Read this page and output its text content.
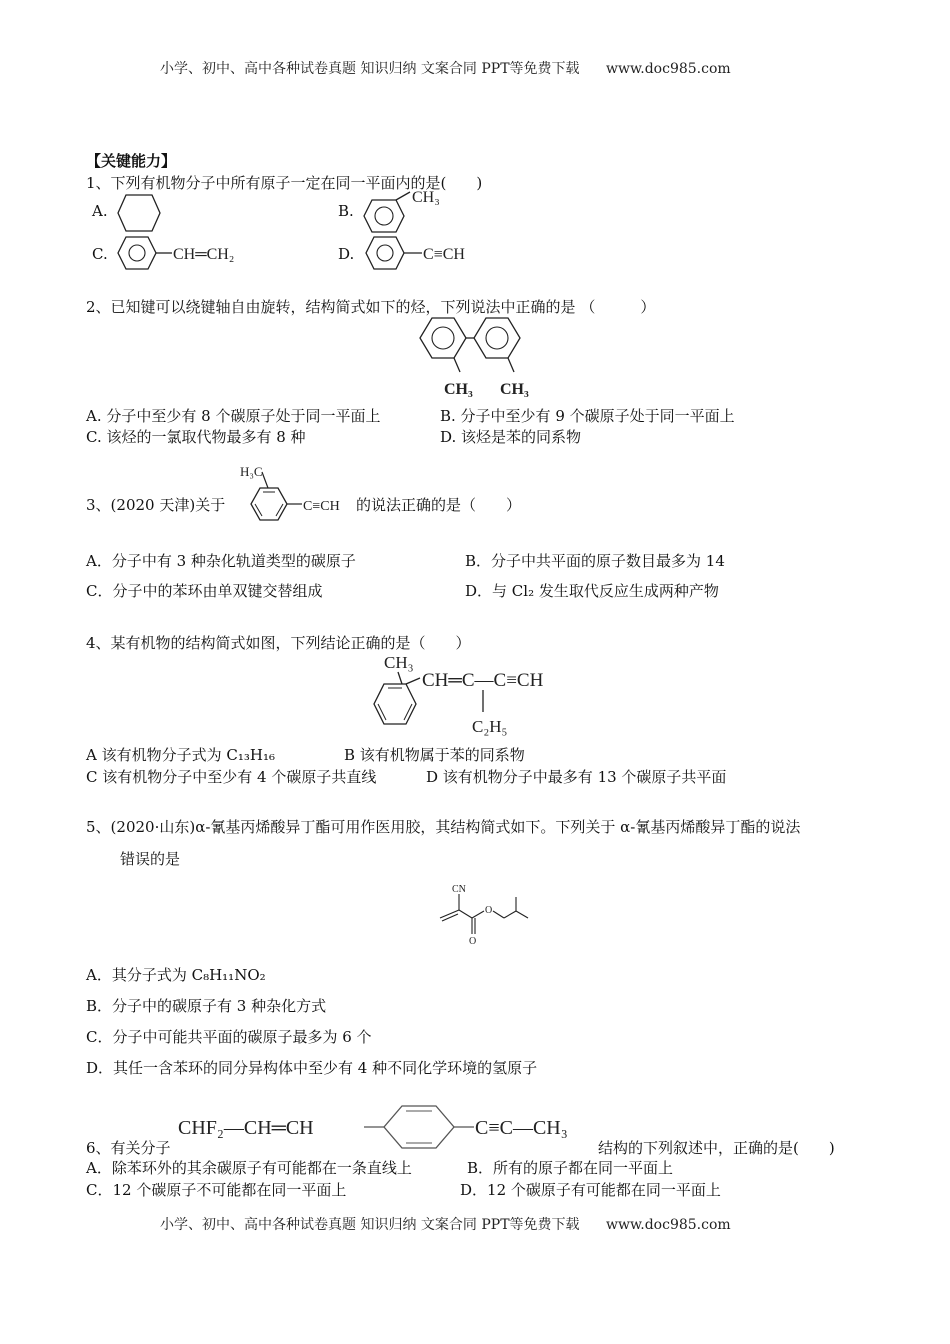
小学、初中、高中各种试卷真题 知识归纳 文案合同 PPT等免费下载 www.doc985.com
【关键能力】
1、下列有机物分子中所有原子一定在同一平面内的是(　　)
A.	B.
CH₃
C.	CH═CH₂	D.	C≡CH
2、已知键可以绕键轴自由旋转，结构简式如下的烃，下列说法中正确的是 （　　　）
CH₃ CH₃
A. 分子中至少有 8 个碳原子处于同一平面上	B. 分子中至少有 9 个碳原子处于同一平面上
C. 该烃的一氯取代物最多有 8 种	D. 该烃是苯的同系物
3、(2020 天津)关于
H₃C
C≡CH 的说法正确的是（　　）
A．分子中有 3 种杂化轨道类型的碳原子	B．分子中共平面的原子数目最多为 14
C．分子中的苯环由单双键交替组成	D．与 Cl₂ 发生取代反应生成两种产物
4、某有机物的结构简式如图，下列结论正确的是（　　）
CH₃
CH═C—C≡CH
C₂H₅
A 该有机物分子式为 C₁₃H₁₆	B 该有机物属于苯的同系物
C 该有机物分子中至少有 4 个碳原子共直线	D 该有机物分子中最多有 13 个碳原子共平面
5、(2020·山东)α-氰基丙烯酸异丁酯可用作医用胶，其结构简式如下。下列关于 α-氰基丙烯酸异丁酯的说法
错误的是
CN
O
O
A．其分子式为 C₈H₁₁NO₂
B．分子中的碳原子有 3 种杂化方式
C．分子中可能共平面的碳原子最多为 6 个
D．其任一含苯环的同分异构体中至少有 4 种不同化学环境的氢原子
CHF₂—CH═CH	C≡C—CH₃
6、有关分子	结构的下列叙述中，正确的是(　　)
A．除苯环外的其余碳原子有可能都在一条直线上	B．所有的原子都在同一平面上
C．12 个碳原子不可能都在同一平面上	D．12 个碳原子有可能都在同一平面上
小学、初中、高中各种试卷真题 知识归纳 文案合同 PPT等免费下载 www.doc985.com
